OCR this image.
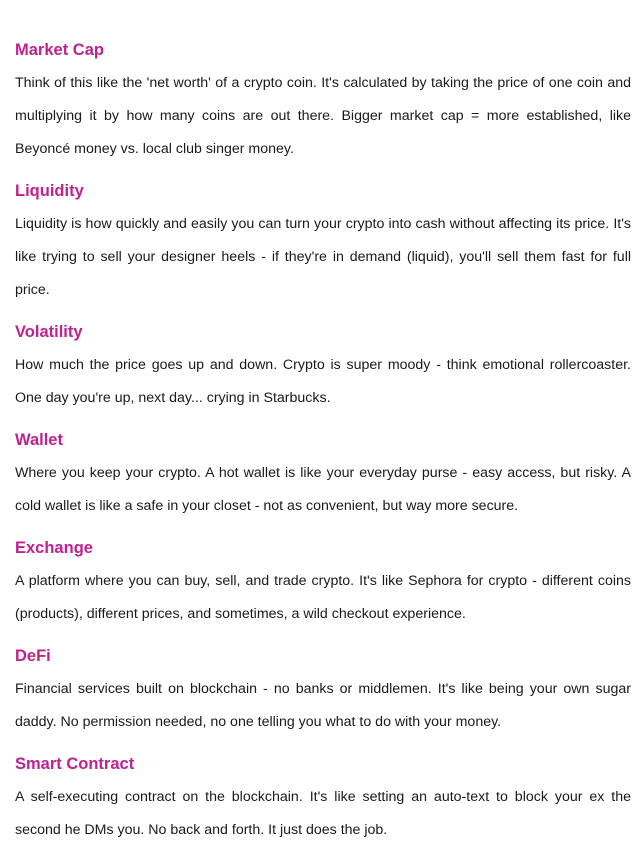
Market Cap

Think of this like the 'net worth' of a crypto coin. It's calculated by taking the price of one coin and multiplying it by how many coins are out there. Bigger market cap = more established, like Beyoncé money vs. local club singer money.

Liquidity

Liquidity is how quickly and easily you can turn your crypto into cash without affecting its price. It's like trying to sell your designer heels - if they're in demand (liquid), you'll sell them fast for full price.

Volatility

How much the price goes up and down. Crypto is super moody - think emotional rollercoaster. One day you're up, next day... crying in Starbucks.

Wallet

Where you keep your crypto. A hot wallet is like your everyday purse - easy access, but risky. A cold wallet is like a safe in your closet - not as convenient, but way more secure.

Exchange

A platform where you can buy, sell, and trade crypto. It's like Sephora for crypto - different coins (products), different prices, and sometimes, a wild checkout experience.

DeFi

Financial services built on blockchain - no banks or middlemen. It's like being your own sugar daddy. No permission needed, no one telling you what to do with your money.

Smart Contract

A self-executing contract on the blockchain. It's like setting an auto-text to block your ex the second he DMs you. No back and forth. It just does the job.
